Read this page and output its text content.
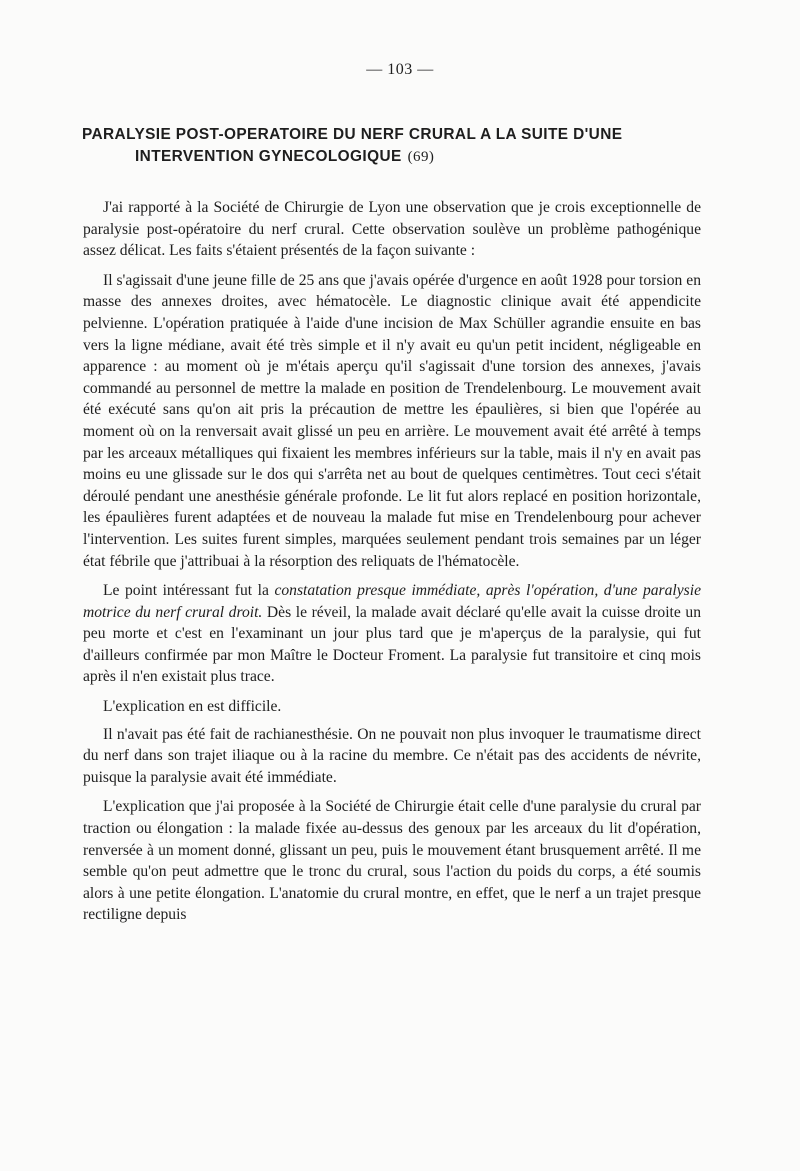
— 103 —
PARALYSIE POST-OPERATOIRE DU NERF CRURAL A LA SUITE D'UNE
INTERVENTION GYNECOLOGIQUE (69)

J'ai rapporté à la Société de Chirurgie de Lyon une observation que je crois exceptionnelle de paralysie post-opératoire du nerf crural. Cette observation soulève un problème pathogénique assez délicat. Les faits s'étaient présentés de la façon suivante :

Il s'agissait d'une jeune fille de 25 ans que j'avais opérée d'urgence en août 1928 pour torsion en masse des annexes droites, avec hématocèle. Le diagnostic clinique avait été appendicite pelvienne. L'opération pratiquée à l'aide d'une incision de Max Schüller agrandie ensuite en bas vers la ligne médiane, avait été très simple et il n'y avait eu qu'un petit incident, négligeable en apparence : au moment où je m'étais aperçu qu'il s'agissait d'une torsion des annexes, j'avais commandé au personnel de mettre la malade en position de Trendelenbourg. Le mouvement avait été exécuté sans qu'on ait pris la précaution de mettre les épaulières, si bien que l'opérée au moment où on la renversait avait glissé un peu en arrière. Le mouvement avait été arrêté à temps par les arceaux métalliques qui fixaient les membres inférieurs sur la table, mais il n'y en avait pas moins eu une glissade sur le dos qui s'arrêta net au bout de quelques centimètres. Tout ceci s'était déroulé pendant une anesthésie générale profonde. Le lit fut alors replacé en position horizontale, les épaulières furent adaptées et de nouveau la malade fut mise en Trendelenbourg pour achever l'intervention. Les suites furent simples, marquées seulement pendant trois semaines par un léger état fébrile que j'attribuai à la résorption des reliquats de l'hématocèle.

Le point intéressant fut la constatation presque immédiate, après l'opération, d'une paralysie motrice du nerf crural droit. Dès le réveil, la malade avait déclaré qu'elle avait la cuisse droite un peu morte et c'est en l'examinant un jour plus tard que je m'aperçus de la paralysie, qui fut d'ailleurs confirmée par mon Maître le Docteur Froment. La paralysie fut transitoire et cinq mois après il n'en existait plus trace.

L'explication en est difficile.

Il n'avait pas été fait de rachianesthésie. On ne pouvait non plus invoquer le traumatisme direct du nerf dans son trajet iliaque ou à la racine du membre. Ce n'était pas des accidents de névrite, puisque la paralysie avait été immédiate.

L'explication que j'ai proposée à la Société de Chirurgie était celle d'une paralysie du crural par traction ou élongation : la malade fixée au-dessus des genoux par les arceaux du lit d'opération, renversée à un moment donné, glissant un peu, puis le mouvement étant brusquement arrêté. Il me semble qu'on peut admettre que le tronc du crural, sous l'action du poids du corps, a été soumis alors à une petite élongation. L'anatomie du crural montre, en effet, que le nerf a un trajet presque rectiligne depuis
